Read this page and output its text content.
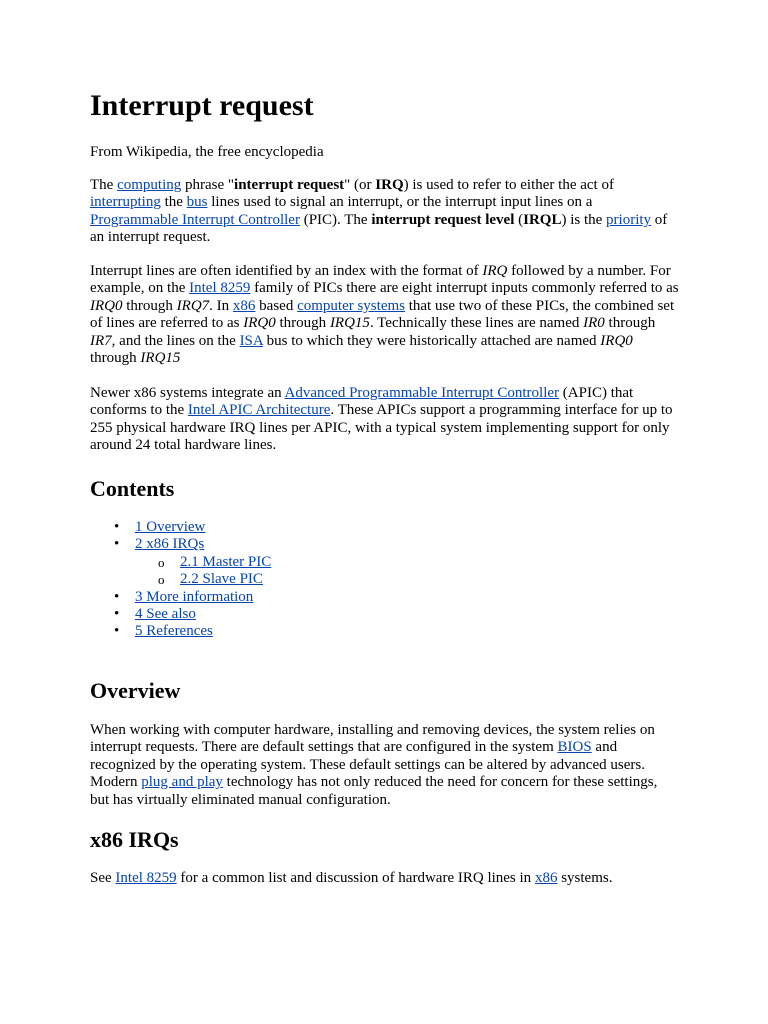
Interrupt request

From Wikipedia, the free encyclopedia

The computing phrase "interrupt request" (or IRQ) is used to refer to either the act of interrupting the bus lines used to signal an interrupt, or the interrupt input lines on a Programmable Interrupt Controller (PIC). The interrupt request level (IRQL) is the priority of an interrupt request.

Interrupt lines are often identified by an index with the format of IRQ followed by a number. For example, on the Intel 8259 family of PICs there are eight interrupt inputs commonly referred to as IRQ0 through IRQ7. In x86 based computer systems that use two of these PICs, the combined set of lines are referred to as IRQ0 through IRQ15. Technically these lines are named IR0 through IR7, and the lines on the ISA bus to which they were historically attached are named IRQ0 through IRQ15

Newer x86 systems integrate an Advanced Programmable Interrupt Controller (APIC) that conforms to the Intel APIC Architecture. These APICs support a programming interface for up to 255 physical hardware IRQ lines per APIC, with a typical system implementing support for only around 24 total hardware lines.

Contents
• 1 Overview
• 2 x86 IRQs
o 2.1 Master PIC
o 2.2 Slave PIC
• 3 More information
• 4 See also
• 5 References
Overview

When working with computer hardware, installing and removing devices, the system relies on interrupt requests. There are default settings that are configured in the system BIOS and recognized by the operating system. These default settings can be altered by advanced users. Modern plug and play technology has not only reduced the need for concern for these settings, but has virtually eliminated manual configuration.

x86 IRQs

See Intel 8259 for a common list and discussion of hardware IRQ lines in x86 systems.
